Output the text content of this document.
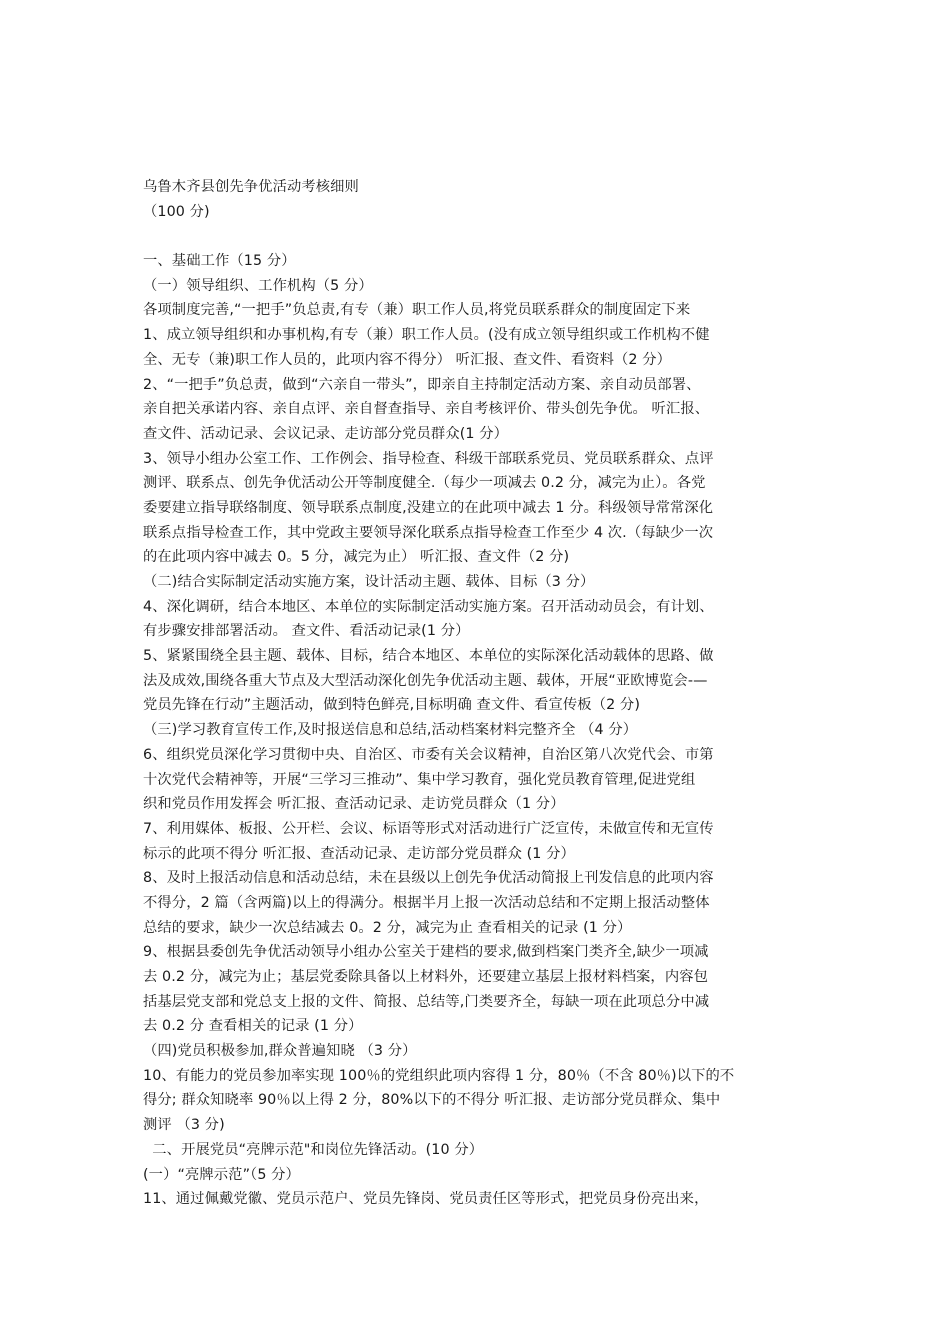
乌鲁木齐县创先争优活动考核细则
（100 分)
一、基础工作（15 分）
（一）领导组织、工作机构（5 分）
各项制度完善,“一把手”负总责,有专（兼）职工作人员,将党员联系群众的制度固定下来
1、成立领导组织和办事机构,有专（兼）职工作人员。(没有成立领导组织或工作机构不健
全、无专（兼)职工作人员的，此项内容不得分） 听汇报、查文件、看资料（2 分）
2、“一把手”负总责，做到“六亲自一带头”，即亲自主持制定活动方案、亲自动员部署、
亲自把关承诺内容、亲自点评、亲自督查指导、亲自考核评价、带头创先争优。 听汇报、
查文件、活动记录、会议记录、走访部分党员群众(1 分）
3、领导小组办公室工作、工作例会、指导检查、科级干部联系党员、党员联系群众、点评
测评、联系点、创先争优活动公开等制度健全.（每少一项减去 0.2 分，减完为止）。各党
委要建立指导联络制度、领导联系点制度,没建立的在此项中减去 1 分。科级领导常常深化
联系点指导检查工作，其中党政主要领导深化联系点指导检查工作至少 4 次.（每缺少一次
的在此项内容中减去 0。5 分，减完为止） 听汇报、查文件（2 分)
（二)结合实际制定活动实施方案，设计活动主题、载体、目标（3 分）
4、深化调研，结合本地区、本单位的实际制定活动实施方案。召开活动动员会，有计划、
有步骤安排部署活动。 查文件、看活动记录(1 分）
5、紧紧围绕全县主题、载体、目标，结合本地区、本单位的实际深化活动载体的思路、做
法及成效,围绕各重大节点及大型活动深化创先争优活动主题、载体，开展“亚欧博览会-—
党员先锋在行动”主题活动，做到特色鲜亮,目标明确 查文件、看宣传板（2 分)
（三)学习教育宣传工作,及时报送信息和总结,活动档案材料完整齐全 （4 分）
6、组织党员深化学习贯彻中央、自治区、市委有关会议精神，自治区第八次党代会、市第
十次党代会精神等，开展“三学习三推动”、集中学习教育，强化党员教育管理,促进党组
织和党员作用发挥会 听汇报、查活动记录、走访党员群众（1 分）
7、利用媒体、板报、公开栏、会议、标语等形式对活动进行广泛宣传，未做宣传和无宣传
标示的此项不得分 听汇报、查活动记录、走访部分党员群众 (1 分）
8、及时上报活动信息和活动总结，未在县级以上创先争优活动简报上刊发信息的此项内容
不得分，2 篇（含两篇)以上的得满分。根据半月上报一次活动总结和不定期上报活动整体
总结的要求，缺少一次总结减去 0。2 分，减完为止 查看相关的记录 (1 分）
9、根据县委创先争优活动领导小组办公室关于建档的要求,做到档案门类齐全,缺少一项减
去 0.2 分，减完为止；基层党委除具备以上材料外，还要建立基层上报材料档案，内容包
括基层党支部和党总支上报的文件、简报、总结等,门类要齐全，每缺一项在此项总分中减
去 0.2 分 查看相关的记录 (1 分）
（四)党员积极参加,群众普遍知晓 （3 分）
10、有能力的党员参加率实现 100％的党组织此项内容得 1 分，80％（不含 80％)以下的不
得分; 群众知晓率 90％以上得 2 分，80%以下的不得分 听汇报、走访部分党员群众、集中
测评 （3 分)
二、开展党员“亮牌示范"和岗位先锋活动。(10 分）
(一）“亮牌示范”（5 分）
11、通过佩戴党徽、党员示范户、党员先锋岗、党员责任区等形式，把党员身份亮出来，
